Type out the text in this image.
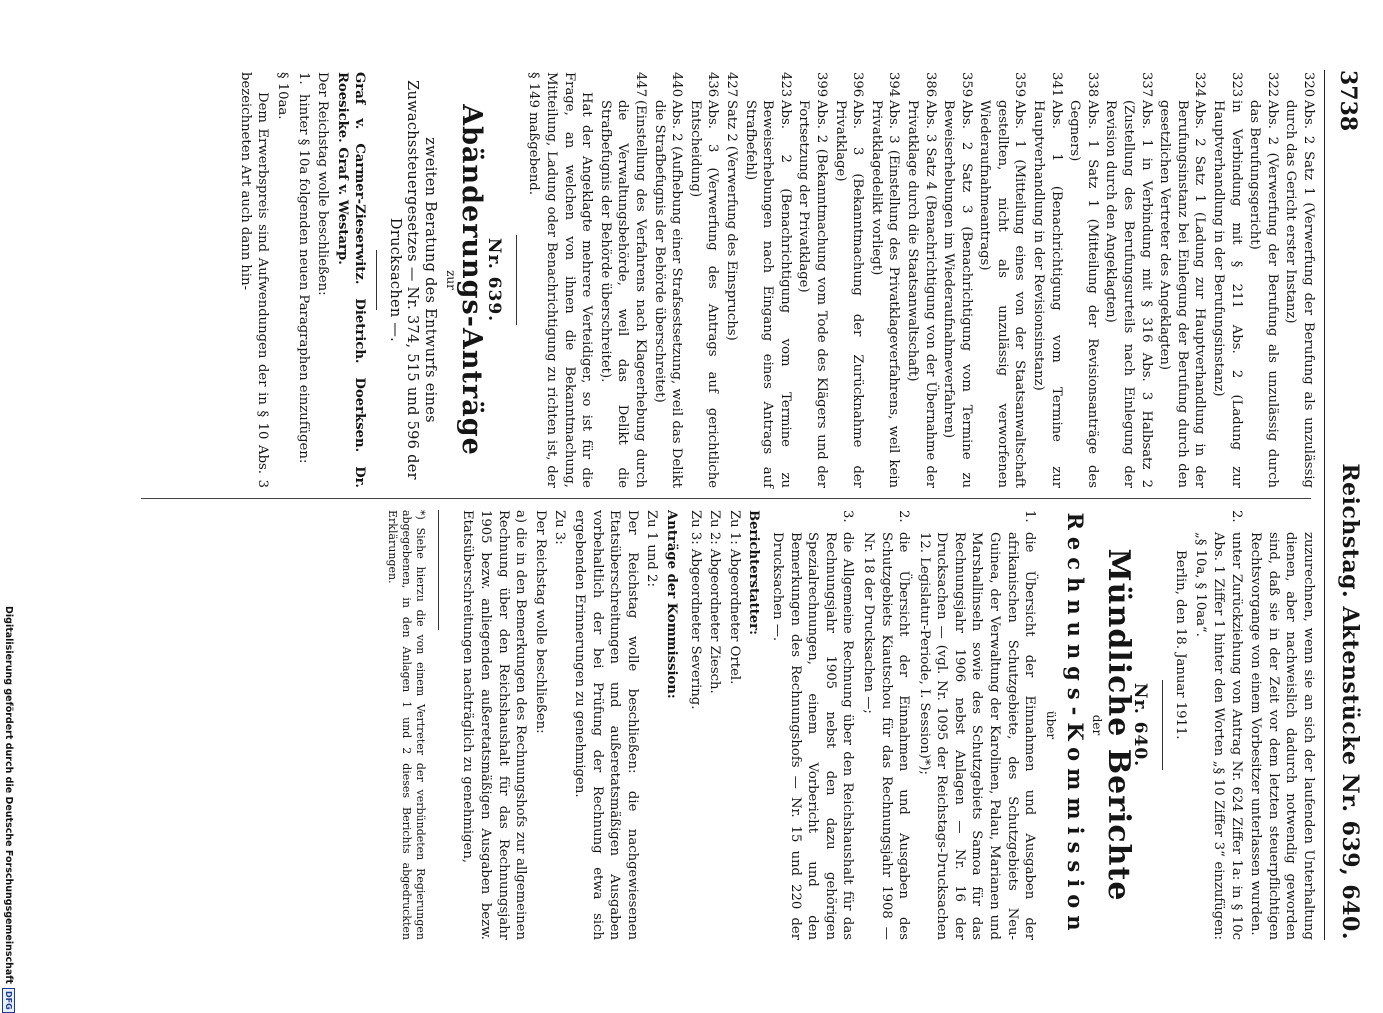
3738
Reichstag. Aktenstücke Nr. 639, 640.
320
Abs. 2 Satz 1 (Verwerfung der Berufung als unzulässig durch das Gericht erster Instanz)
322
Abs. 2 (Verwerfung der Berufung als unzulässig durch das Berufungsgericht)
323
in Verbindung mit § 211 Abs. 2 (Ladung zur Hauptverhandlung in der Berufungsinstanz)
324
Abs. 2 Satz 1 (Ladung zur Hauptverhandlung in der Berufungsinstanz bei Einlegung der Berufung durch den gesetzlichen Vertreter des Angeklagten)
337
Abs. 1 in Verbindung mit § 316 Abs. 3 Halbsatz 2 (Zustellung des Berufungsurteils nach Einlegung der Revision durch den Angeklagten)
338
Abs. 1 Satz 1 (Mitteilung der Revisionsanträge des Gegners)
341
Abs. 1 (Benachrichtigung vom Termine zur Hauptverhandlung in der Revisionsinstanz)
359
Abs. 1 (Mitteilung eines von der Staatsanwaltschaft gestellten, nicht als unzulässig verworfenen Wiederaufnahmeantrags)
359
Abs. 2 Satz 3 (Benachrichtigung vom Termine zu Beweiserhebungen im Wiederaufnahmeverfahren)
386
Abs. 3 Satz 4 (Benachrichtigung von der Übernahme der Privatklage durch die Staatsanwaltschaft)
394
Abs. 3 (Einstellung des Privatklageverfahrens, weil kein Privatklagedelikt vorliegt)
396
Abs. 3 (Bekanntmachung der Zurücknahme der Privatklage)
399
Abs. 2 (Bekanntmachung vom Tode des Klägers und der Fortsetzung der Privatklage)
423
Abs. 2 (Benachrichtigung vom Termine zu Beweiserhebungen nach Eingang eines Antrags auf Strafbefehl)
427
Satz 2 (Verwerfung des Einspruchs)
436
Abs. 3 (Verwerfung des Antrags auf gerichtliche Entscheidung)
440
Abs. 2 (Aufhebung einer Strafsestsetzung, weil das Delikt die Strafbefugnis der Behörde überschreitet)
447
(Einstellung des Verfahrens nach Klageerhebung durch die Verwaltungsbehörde, weil das Delikt die Strafbefugnis der Behörde überschreitet).

Hat der Angeklagte mehrere Verteidiger, so ist für die Frage, an welchen von ihnen die Bekanntmachung, Mitteilung, Ladung oder Benachrichtigung zu richten ist, der § 149 maßgebend.

Nr. 639.
Abänderungs-Anträge
zur
zweiten Beratung des Entwurfs eines Zuwachssteuergesetzes — Nr. 374, 515 und 596 der Drucksachen —.

Graf v. Carmer-Zieserwitz. Dietrich. Doerksen. Dr. Roesicke. Graf v. Westarp.

Der Reichstag wolle beschließen:

1.
hinter § 10a folgenden neuen Paragraphen einzufügen:

§ 10aa.

Dem Erwerbspreis sind Aufwendungen der in § 10 Abs. 3 bezeichneten Art auch dann hin-

zuzurechnen, wenn sie an sich der laufenden Unterhaltung dienen, aber nachweislich dadurch notwendig geworden sind, daß sie in der Zeit vor dem letzten steuerpflichtigen Rechtsvorgange von einem Vorbesitzer unterlassen wurden.

2.
unter Zurückziehung von Antrag Nr. 624 Ziffer 1a: in § 10c Abs. 1 Ziffer 1 hinter den Worten „§ 10 Ziffer 3“ einzufügen: „§ 10a, § 10aa“.

Berlin, den 18. Januar 1911.

Nr. 640.
Mündliche Berichte
der
Rechnungs-Kommission
über
1.
die Übersicht der Einnahmen und Ausgaben der afrikanischen Schutzgebiete, des Schutzgebiets Neu-Guinea, der Verwaltung der Karolinen, Palau, Marianen und Marshallinseln sowie des Schutzgebiets Samoa für das Rechnungsjahr 1906 nebst Anlagen — Nr. 16 der Drucksachen — (vgl. Nr. 1095 der Reichstags-Drucksachen 12. Legislatur-Periode, I. Session)*);
2.
die Übersicht der Einnahmen und Ausgaben des Schutzgebiets Kiautschou für das Rechnungsjahr 1908 — Nr. 18 der Drucksachen —;
3.
die Allgemeine Rechnung über den Reichshaushalt für das Rechnungsjahr 1905 nebst den dazu gehörigen Spezialrechnungen, einem Vorbericht und den Bemerkungen des Rechnungshofs — Nr. 15 und 220 der Drucksachen —.

Berichterstatter:

Zu 1: Abgeordneter Ortel.

Zu 2: Abgeordneter Ziesch.

Zu 3: Abgeordneter Severing.

Anträge der Kommission:

Zu 1 und 2:

Der Reichstag wolle beschließen: die nachgewiesenen Etatsüberschreitungen und außeretatsmäßigen Ausgaben vorbehaltlich der bei Prüfung der Rechnung etwa sich ergebenden Erinnerungen zu genehmigen.

Zu 3:

Der Reichstag wolle beschließen:

a) die in den Bemerkungen des Rechnungshofs zur allgemeinen Rechnung über den Reichshaushalt für das Rechnungsjahr 1905 bezw. anliegenden außeretatsmäßigen Ausgaben bezw. Etatsüberschreitungen nachträglich zu genehmigen,

*) Siehe hierzu die von einem Vertreter der verbündeten Regierungen abgegebenen, in den Anlagen 1 und 2 dieses Berichts abgedruckten Erklärungen.

Digitalisierung gefördert durch die Deutsche Forschungsgemeinschaft
DFG
